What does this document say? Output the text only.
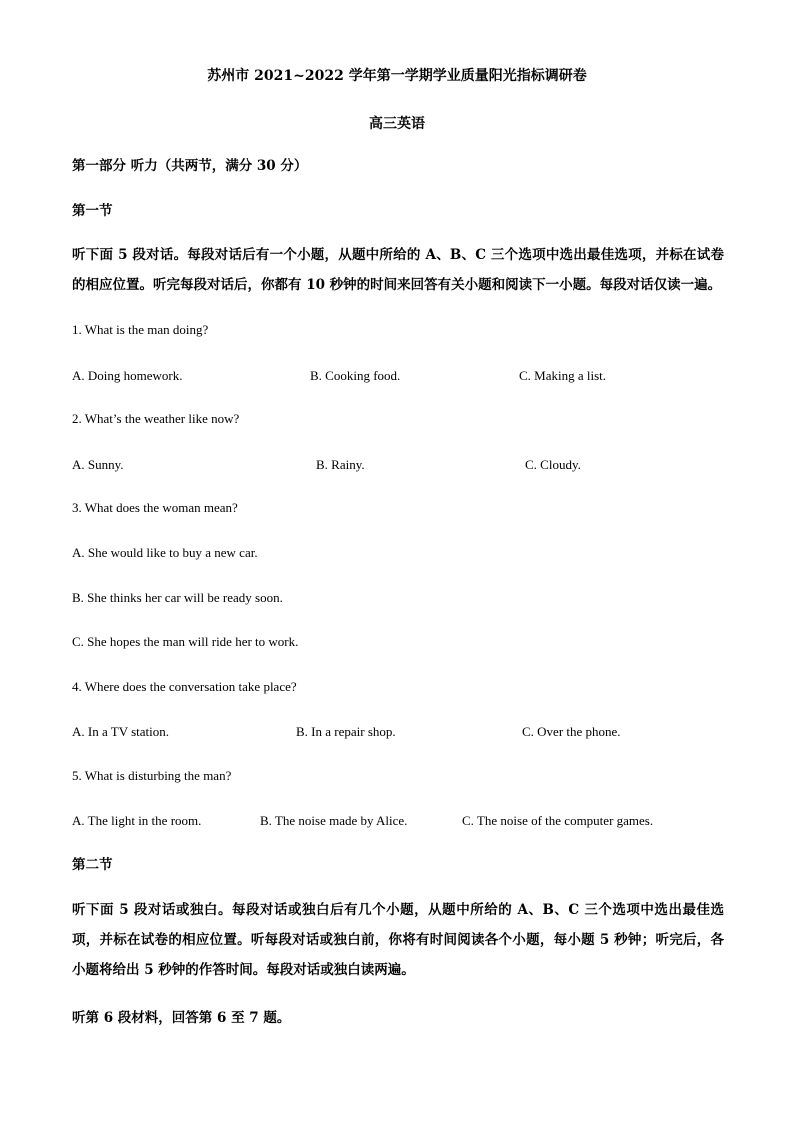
苏州市 2021~2022 学年第一学期学业质量阳光指标调研卷
高三英语
第一部分 听力（共两节，满分 30 分）
第一节
听下面 5 段对话。每段对话后有一个小题，从题中所给的 A、B、C 三个选项中选出最佳选项，并标在试卷的相应位置。听完每段对话后，你都有 10 秒钟的时间来回答有关小题和阅读下一小题。每段对话仅读一遍。
1. What is the man doing?
A. Doing homework.	B. Cooking food.	C. Making a list.
2. What’s the weather like now?
A. Sunny.	B. Rainy.	C. Cloudy.
3. What does the woman mean?
A. She would like to buy a new car.
B. She thinks her car will be ready soon.
C. She hopes the man will ride her to work.
4. Where does the conversation take place?
A. In a TV station.	B. In a repair shop.	C. Over the phone.
5. What is disturbing the man?
A. The light in the room.	B. The noise made by Alice.	C. The noise of the computer games.
第二节
听下面 5 段对话或独白。每段对话或独白后有几个小题，从题中所给的 A、B、C 三个选项中选出最佳选项，并标在试卷的相应位置。听每段对话或独白前，你将有时间阅读各个小题，每小题 5 秒钟；听完后，各小题将给出 5 秒钟的作答时间。每段对话或独白读两遍。
听第 6 段材料，回答第 6 至 7 题。
